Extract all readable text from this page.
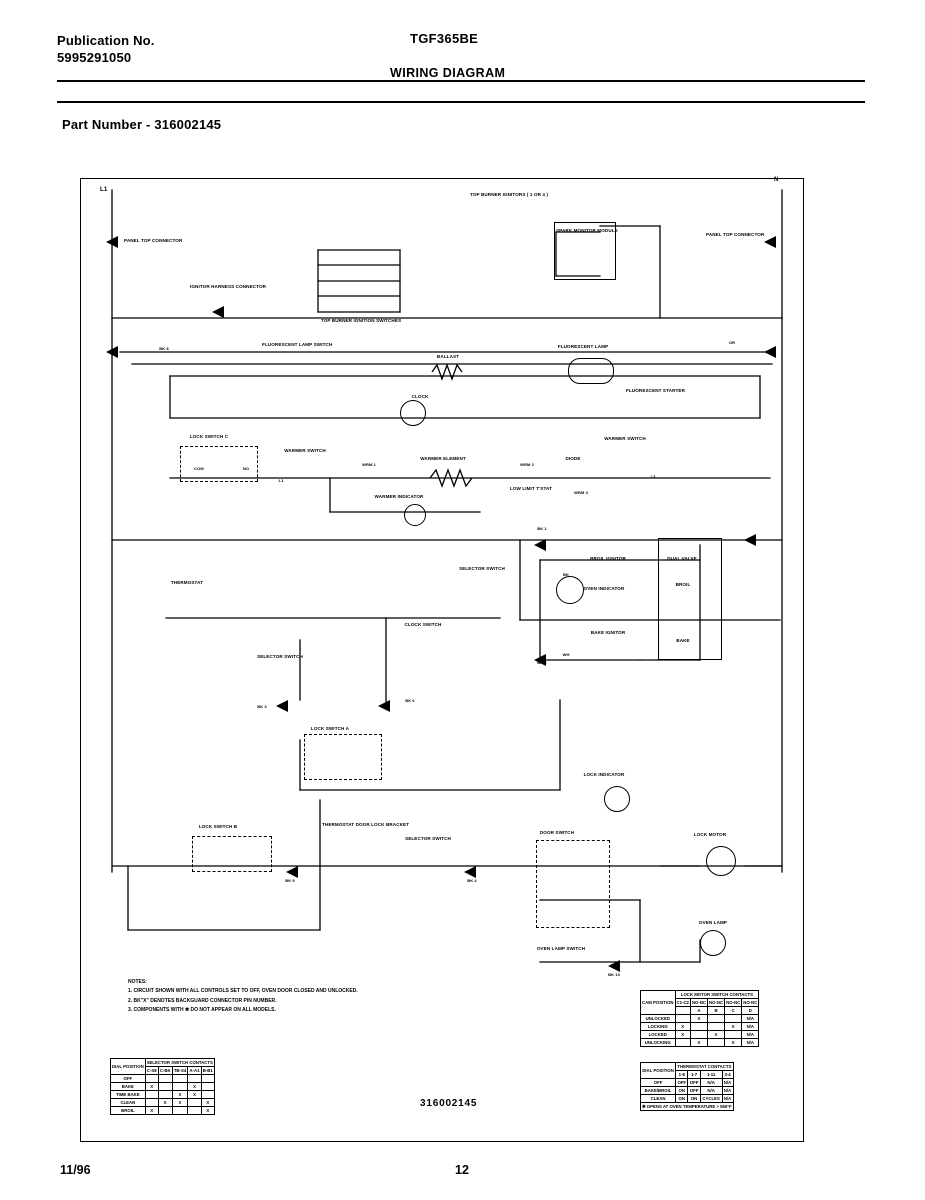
Publication No.
5995291050
TGF365BE
WIRING DIAGRAM
Part Number - 316002145
L1
N
PANEL TOP CONNECTOR
PANEL TOP CONNECTOR
IGNITOR HARNESS CONNECTOR
TOP BURNER IGNITION SWITCHES
TOP BURNER IGNITORS ( 1 OR 4 )
SPARK MONITOR MODULE
FLUORESCENT LAMP SWITCH
BALLAST
FLUORESCENT LAMP
FLUORESCENT STARTER
CLOCK
LOCK SWITCH C
WARMER SWITCH
WARMER ELEMENT
WARMER INDICATOR
DIODE
WARMER SWITCH
LOW LIMIT T'STAT
THERMOSTAT
SELECTOR SWITCH
CLOCK SWITCH
SELECTOR SWITCH
BROIL IGNITOR
BAKE IGNITOR
OVEN INDICATOR
DUAL VALVE
BROIL
BAKE
LOCK SWITCH A
LOCK SWITCH B
LOCK INDICATOR
THERMOSTAT DOOR LOCK BRACKET
SELECTOR SWITCH
DOOR SWITCH	LOCK MOTOR
OVEN LAMP
OVEN LAMP SWITCH
NO
COM
WRM 1	WRM 2
WRM 3
L1
L3
BK
WH
BK 8
OR
BK 1
BK 2
BK 3
BK 6
BK 9	BK 4
BK 10
NOTES:
1. CIRCUIT SHOWN WITH ALL CONTROLS SET TO OFF, OVEN DOOR CLOSED AND UNLOCKED.
2. BK"X" DENOTES BACKGUARD CONNECTOR PIN NUMBER.
3. COMPONENTS WITH ✱ DO NOT APPEAR ON ALL MODELS.
DIAL POSITION	SELECTOR SWITCH CONTACTS				
	C-S8	C-BK	TB-S4	A-A1	B-B1
OFF					
BAKE	X			X	
TIME BAKE			X	X	
CLEAN		X	X		X
BROIL	X				X
CAM POSITION	LOCK MOTOR SWITCH CONTACTS				
	C1-C2	NO-NC	NO-NC	NO-NC	NO-NC
		A	B	C	D
UNLOCKED		X			N/A
LOCKING	X			X	N/A
LOCKED	X		X		N/A
UNLOCKING		X		X	N/A
DIAL POSITION	THERMOSTAT CONTACTS			
	1-8	1-7	1-11	3-4
OFF	OFF	OFF	N/A	N/A
BAKE/BROIL	ON	OFF	N/A	N/A
CLEAN	ON	ON	CYCLES	N/A
✱ OPENS AT OVEN TEMPERATURE > 550°F				
316002145
11/96	12
